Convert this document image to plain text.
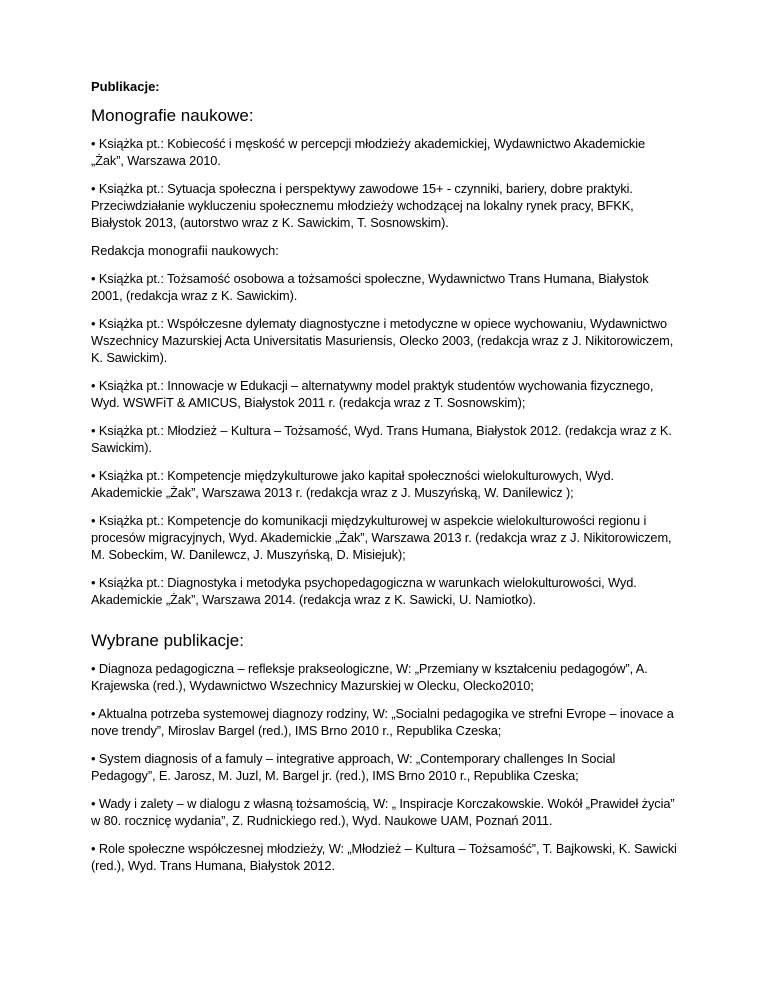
Publikacje:
Monografie naukowe:

• Książka pt.: Kobiecość i męskość w percepcji młodzieży akademickiej, Wydawnictwo Akademickie „Żak”, Warszawa 2010.

• Książka pt.: Sytuacja społeczna i perspektywy zawodowe 15+ - czynniki, bariery, dobre praktyki. Przeciwdziałanie wykluczeniu społecznemu młodzieży wchodzącej na lokalny rynek pracy, BFKK, Białystok 2013, (autorstwo wraz z K. Sawickim, T. Sosnowskim).

Redakcja monografii naukowych:

• Książka pt.: Tożsamość osobowa a tożsamości społeczne, Wydawnictwo Trans Humana, Białystok 2001, (redakcja wraz z K. Sawickim).

• Książka pt.: Współczesne dylematy diagnostyczne i metodyczne w opiece wychowaniu, Wydawnictwo Wszechnicy Mazurskiej Acta Universitatis Masuriensis, Olecko 2003, (redakcja wraz z J. Nikitorowiczem, K. Sawickim).

• Książka pt.: Innowacje w Edukacji – alternatywny model praktyk studentów wychowania fizycznego, Wyd. WSWFiT & AMICUS, Białystok 2011 r. (redakcja wraz z T. Sosnowskim);

• Książka pt.: Młodzież – Kultura – Tożsamość, Wyd. Trans Humana, Białystok 2012. (redakcja wraz z K. Sawickim).

• Książka pt.: Kompetencje międzykulturowe jako kapitał społeczności wielokulturowych, Wyd. Akademickie „Żak”, Warszawa 2013 r. (redakcja wraz z J. Muszyńską, W. Danilewicz );

• Książka pt.: Kompetencje do komunikacji międzykulturowej w aspekcie wielokulturowości regionu i procesów migracyjnych, Wyd. Akademickie „Żak”, Warszawa 2013 r. (redakcja wraz z J. Nikitorowiczem, M. Sobeckim, W. Danilewcz, J. Muszyńską, D. Misiejuk);

• Książka pt.: Diagnostyka i metodyka psychopedagogiczna w warunkach wielokulturowości, Wyd. Akademickie „Żak”, Warszawa 2014. (redakcja wraz z K. Sawicki, U. Namiotko).

Wybrane publikacje:

• Diagnoza pedagogiczna – refleksje prakseologiczne, W: „Przemiany w kształceniu pedagogów”, A. Krajewska (red.), Wydawnictwo Wszechnicy Mazurskiej w Olecku, Olecko2010;

• Aktualna potrzeba systemowej diagnozy rodziny, W: „Socialni pedagogika ve strefni Evrope – inovace a nove trendy”, Miroslav Bargel (red.), IMS Brno 2010 r., Republika Czeska;

• System diagnosis of a famuly – integrative approach, W: „Contemporary challenges In Social Pedagogy”, E. Jarosz, M. Juzl, M. Bargel jr. (red.), IMS Brno 2010 r., Republika Czeska;

• Wady i zalety – w dialogu z własną tożsamością, W: „ Inspiracje Korczakowskie. Wokół „Prawideł życia” w 80. rocznicę wydania”, Z. Rudnickiego red.), Wyd. Naukowe UAM, Poznań 2011.

• Role społeczne współczesnej młodzieży, W: „Młodzież – Kultura – Tożsamość”, T. Bajkowski, K. Sawicki (red.), Wyd. Trans Humana, Białystok 2012.
